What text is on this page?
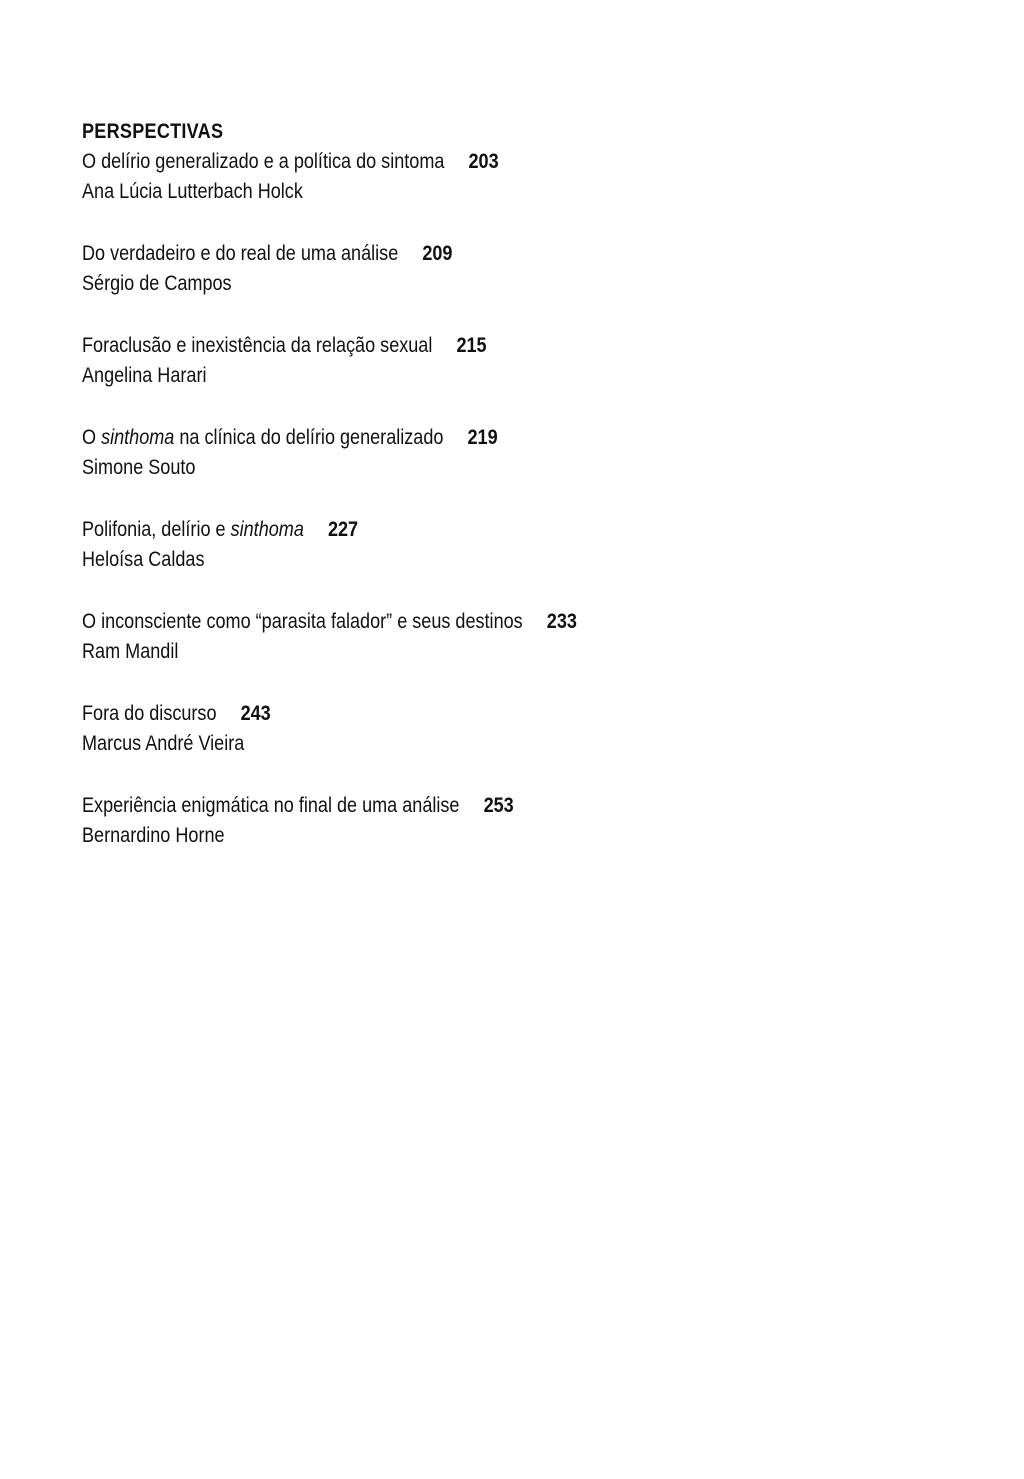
PERSPECTIVAS
O delírio generalizado e a política do sintoma 203
Ana Lúcia Lutterbach Holck
Do verdadeiro e do real de uma análise 209
Sérgio de Campos
Foraclusão e inexistência da relação sexual 215
Angelina Harari
O sinthoma na clínica do delírio generalizado 219
Simone Souto
Polifonia, delírio e sinthoma 227
Heloísa Caldas
O inconsciente como “parasita falador” e seus destinos 233
Ram Mandil
Fora do discurso 243
Marcus André Vieira
Experiência enigmática no final de uma análise 253
Bernardino Horne
